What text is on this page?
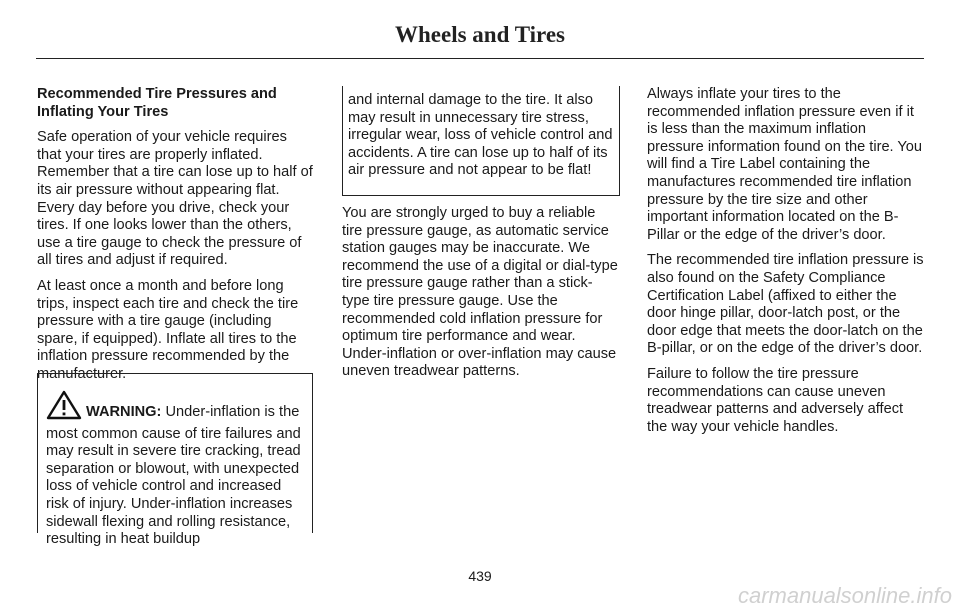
Wheels and Tires

Recommended Tire Pressures and Inflating Your Tires

Safe operation of your vehicle requires that your tires are properly inflated. Remember that a tire can lose up to half of its air pressure without appearing flat. Every day before you drive, check your tires. If one looks lower than the others, use a tire gauge to check the pressure of all tires and adjust if required.

At least once a month and before long trips, inspect each tire and check the tire pressure with a tire gauge (including spare, if equipped). Inflate all tires to the inflation pressure recommended by the manufacturer.

WARNING: Under-inflation is the most common cause of tire failures and may result in severe tire cracking, tread separation or blowout, with unexpected loss of vehicle control and increased risk of injury. Under-inflation increases sidewall flexing and rolling resistance, resulting in heat buildup
and internal damage to the tire. It also may result in unnecessary tire stress, irregular wear, loss of vehicle control and accidents. A tire can lose up to half of its air pressure and not appear to be flat!

You are strongly urged to buy a reliable tire pressure gauge, as automatic service station gauges may be inaccurate. We recommend the use of a digital or dial-type tire pressure gauge rather than a stick-type tire pressure gauge. Use the recommended cold inflation pressure for optimum tire performance and wear. Under-inflation or over-inflation may cause uneven treadwear patterns.

Always inflate your tires to the recommended inflation pressure even if it is less than the maximum inflation pressure information found on the tire. You will find a Tire Label containing the manufactures recommended tire inflation pressure by the tire size and other important information located on the B-Pillar or the edge of the driver’s door.

The recommended tire inflation pressure is also found on the Safety Compliance Certification Label (affixed to either the door hinge pillar, door-latch post, or the door edge that meets the door-latch on the B-pillar, or on the edge of the driver’s door.

Failure to follow the tire pressure recommendations can cause uneven treadwear patterns and adversely affect the way your vehicle handles.

439
carmanualsonline.info
